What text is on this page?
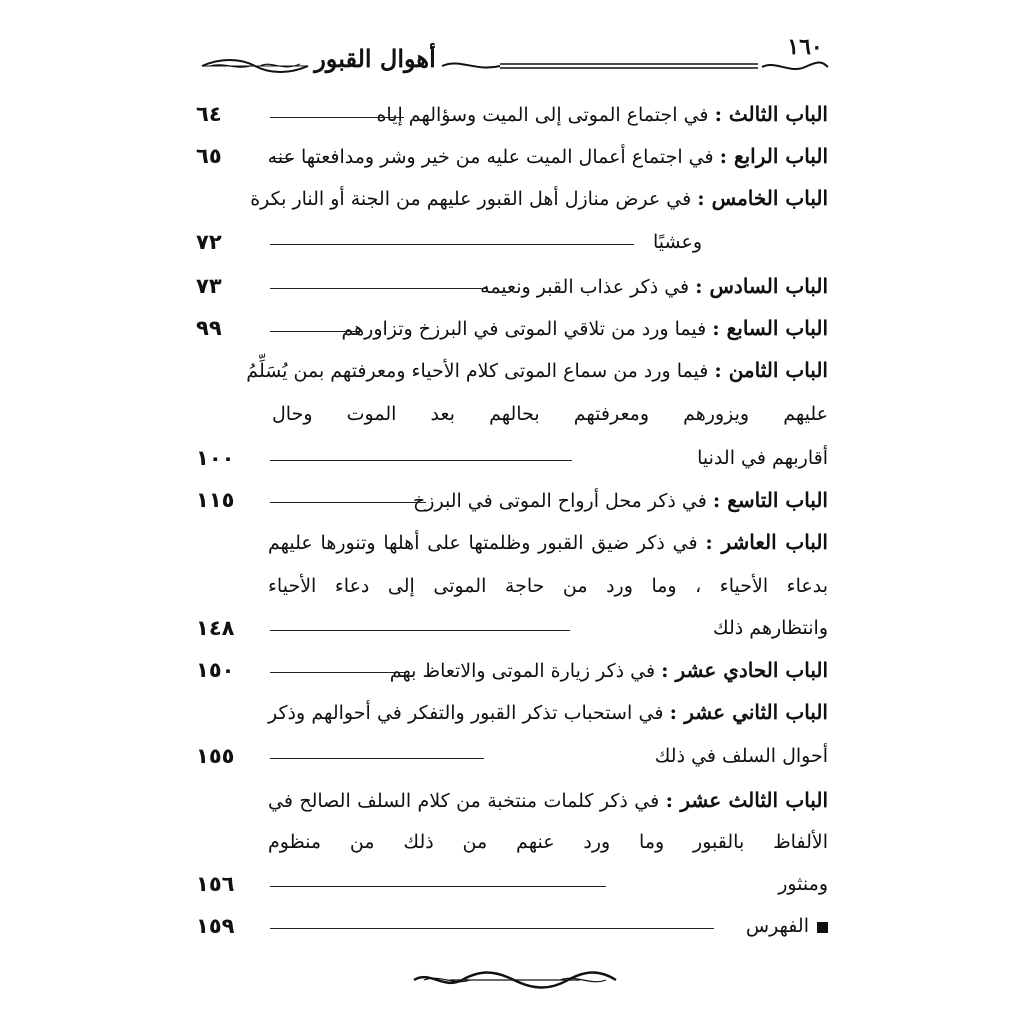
أهوال القبور	١٦٠
الباب الثالث : في اجتماع الموتى إلى الميت وسؤالهم إياه
٦٤
الباب الرابع : في اجتماع أعمال الميت عليه من خير وشر ومدافعتها عنه
٦٥
الباب الخامس : في عرض منازل أهل القبور عليهم من الجنة أو النار بكرة
وعشيًا
٧٢
الباب السادس : في ذكر عذاب القبر ونعيمه
٧٣
الباب السابع : فيما ورد من تلاقي الموتى في البرزخ وتزاورهم
٩٩
الباب الثامن : فيما ورد من سماع الموتى كلام الأحياء ومعرفتهم بمن يُسَلِّمُ
عليهم ويزورهم ومعرفتهم بحالهم بعد الموت وحال
أقاربهم في الدنيا
١٠٠
الباب التاسع : في ذكر محل أرواح الموتى في البرزخ
١١٥
الباب العاشر : في ذكر ضيق القبور وظلمتها على أهلها وتنورها عليهم
بدعاء الأحياء ، وما ورد من حاجة الموتى إلى دعاء الأحياء
وانتظارهم ذلك
١٤٨
الباب الحادي عشر : في ذكر زيارة الموتى والاتعاظ بهم
١٥٠
الباب الثاني عشر : في استحباب تذكر القبور والتفكر في أحوالهم وذكر
أحوال السلف في ذلك
١٥٥
الباب الثالث عشر : في ذكر كلمات منتخبة من كلام السلف الصالح في
الألفاظ بالقبور وما ورد عنهم من ذلك من منظوم
ومنثور
١٥٦
الفهرس
١٥٩
